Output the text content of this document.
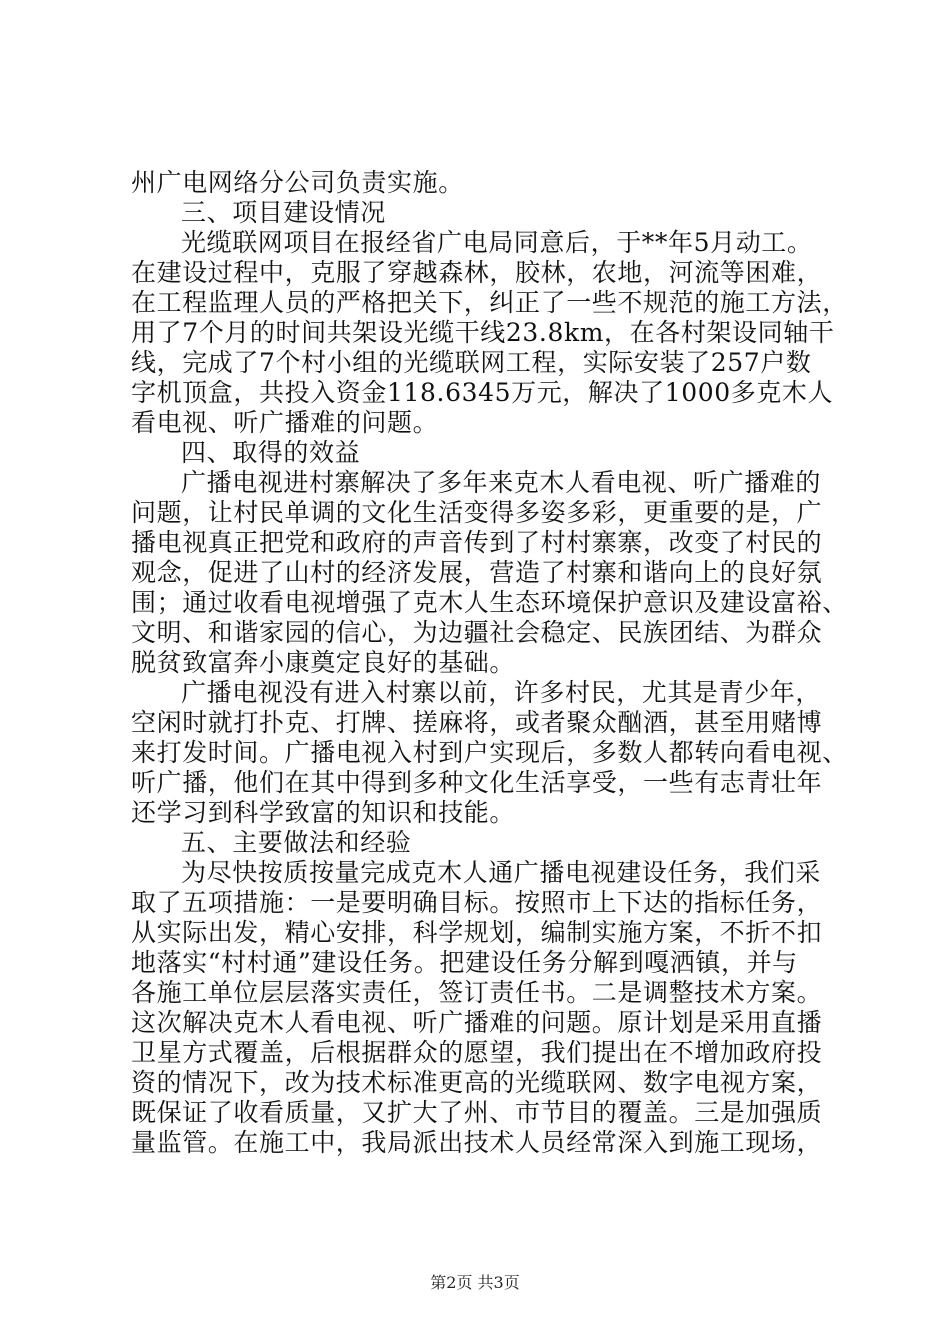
州广电网络分公司负责实施。
三、项目建设情况
光缆联网项目在报经省广电局同意后，于**年5月动工。
在建设过程中，克服了穿越森林，胶林，农地，河流等困难，
在工程监理人员的严格把关下，纠正了一些不规范的施工方法，
用了7个月的时间共架设光缆干线23.8km，在各村架设同轴干
线，完成了7个村小组的光缆联网工程，实际安装了257户数
字机顶盒，共投入资金118.6345万元，解决了1000多克木人
看电视、听广播难的问题。
四、取得的效益
广播电视进村寨解决了多年来克木人看电视、听广播难的
问题，让村民单调的文化生活变得多姿多彩，更重要的是，广
播电视真正把党和政府的声音传到了村村寨寨，改变了村民的
观念，促进了山村的经济发展，营造了村寨和谐向上的良好氛
围；通过收看电视增强了克木人生态环境保护意识及建设富裕、
文明、和谐家园的信心，为边疆社会稳定、民族团结、为群众
脱贫致富奔小康奠定良好的基础。
广播电视没有进入村寨以前，许多村民，尤其是青少年，
空闲时就打扑克、打牌、搓麻将，或者聚众酗酒，甚至用赌博
来打发时间。广播电视入村到户实现后，多数人都转向看电视、
听广播，他们在其中得到多种文化生活享受，一些有志青壮年
还学习到科学致富的知识和技能。
五、主要做法和经验
为尽快按质按量完成克木人通广播电视建设任务，我们采
取了五项措施：一是要明确目标。按照市上下达的指标任务，
从实际出发，精心安排，科学规划，编制实施方案，不折不扣
地落实“村村通”建设任务。把建设任务分解到嘎洒镇，并与
各施工单位层层落实责任，签订责任书。二是调整技术方案。
这次解决克木人看电视、听广播难的问题。原计划是采用直播
卫星方式覆盖，后根据群众的愿望，我们提出在不增加政府投
资的情况下，改为技术标准更高的光缆联网、数字电视方案，
既保证了收看质量，又扩大了州、市节目的覆盖。三是加强质
量监管。在施工中，我局派出技术人员经常深入到施工现场，
第2页 共3页
